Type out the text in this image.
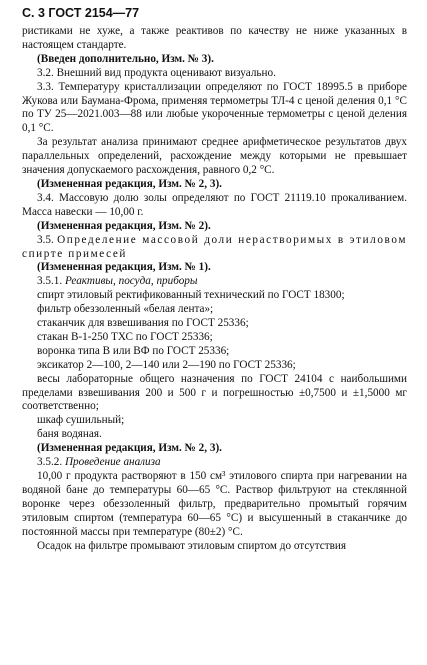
С. 3 ГОСТ 2154—77

ристиками не хуже, а также реактивов по качеству не ниже указанных в настоящем стандарте.

(Введен дополнительно, Изм. № 3).

3.2. Внешний вид продукта оценивают визуально.

3.3. Температуру кристаллизации определяют по ГОСТ 18995.5 в приборе Жукова или Баумана-Фрома, применяя термометры ТЛ-4 с ценой деления 0,1 °С по ТУ 25—2021.003—88 или любые укороченные термометры с ценой деления 0,1 °С.

За результат анализа принимают среднее арифметическое результатов двух параллельных определений, расхождение между которыми не превышает значения допускаемого расхождения, равного 0,2 °С.

(Измененная редакция, Изм. № 2, 3).

3.4. Массовую долю золы определяют по ГОСТ 21119.10 прокаливанием. Масса навески — 10,00 г.

(Измененная редакция, Изм. № 2).

3.5. Определение массовой доли нерастворимых в этиловом спирте примесей

(Измененная редакция, Изм. № 1).

3.5.1. Реактивы, посуда, приборы

спирт этиловый ректификованный технический по ГОСТ 18300;

фильтр обеззоленный «белая лента»;

стаканчик для взвешивания по ГОСТ 25336;

стакан В-1-250 ТХС по ГОСТ 25336;

воронка типа В или ВФ по ГОСТ 25336;

эксикатор 2—100, 2—140 или 2—190 по ГОСТ 25336;

весы лабораторные общего назначения по ГОСТ 24104 с наибольшими пределами взвешивания 200 и 500 г и погрешностью ±0,7500 и ±1,5000 мг соответственно;

шкаф сушильный;

баня водяная.

(Измененная редакция, Изм. № 2, 3).

3.5.2. Проведение анализа

10,00 г продукта растворяют в 150 см³ этилового спирта при нагревании на водяной бане до температуры 60—65 °С. Раствор фильтруют на стеклянной воронке через обеззоленный фильтр, предварительно промытый горячим этиловым спиртом (температура 60—65 °С) и высушенный в стаканчике до постоянной массы при температуре (80±2) °С.

Осадок на фильтре промывают этиловым спиртом до отсутствия
